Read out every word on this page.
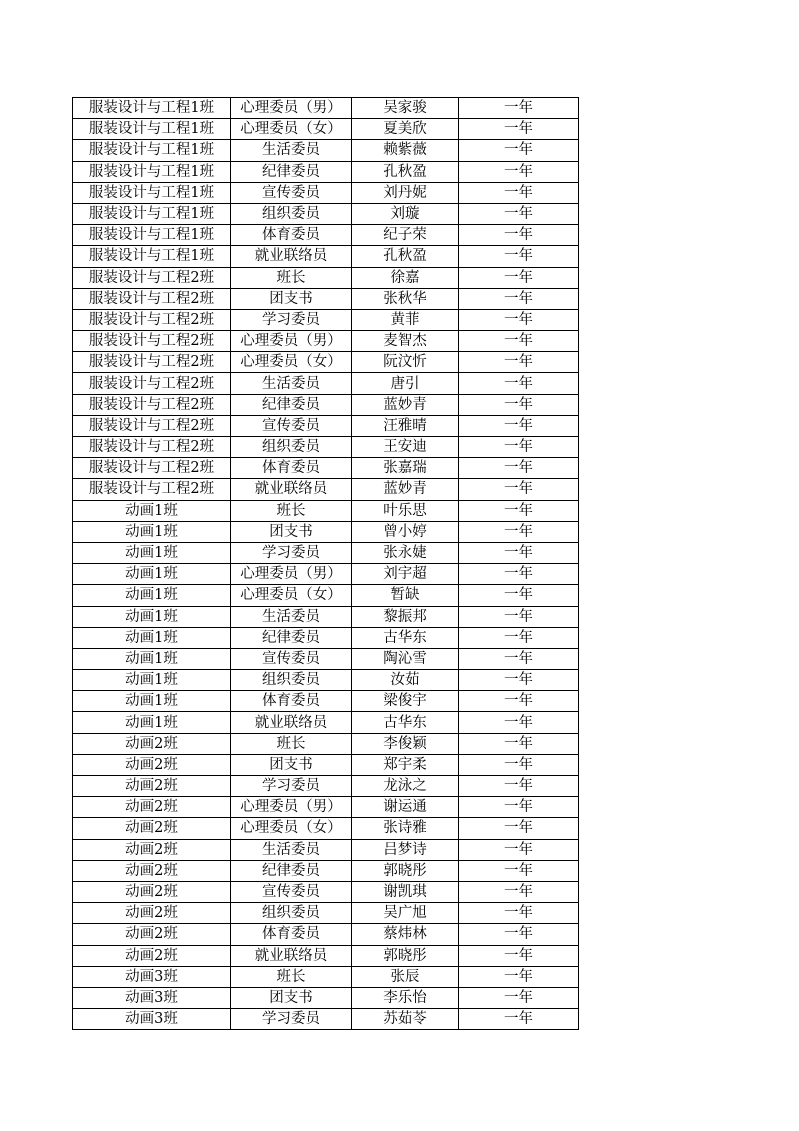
服装设计与工程1班	心理委员（男）	吴家骏	一年
服装设计与工程1班	心理委员（女）	夏美欣	一年
服装设计与工程1班	生活委员	赖紫薇	一年
服装设计与工程1班	纪律委员	孔秋盈	一年
服装设计与工程1班	宣传委员	刘丹妮	一年
服装设计与工程1班	组织委员	刘璇	一年
服装设计与工程1班	体育委员	纪子荣	一年
服装设计与工程1班	就业联络员	孔秋盈	一年
服装设计与工程2班	班长	徐嘉	一年
服装设计与工程2班	团支书	张秋华	一年
服装设计与工程2班	学习委员	黄菲	一年
服装设计与工程2班	心理委员（男）	麦智杰	一年
服装设计与工程2班	心理委员（女）	阮汶忻	一年
服装设计与工程2班	生活委员	唐引	一年
服装设计与工程2班	纪律委员	蓝妙青	一年
服装设计与工程2班	宣传委员	汪雅晴	一年
服装设计与工程2班	组织委员	王安迪	一年
服装设计与工程2班	体育委员	张嘉瑞	一年
服装设计与工程2班	就业联络员	蓝妙青	一年
动画1班	班长	叶乐思	一年
动画1班	团支书	曾小婷	一年
动画1班	学习委员	张永婕	一年
动画1班	心理委员（男）	刘宇超	一年
动画1班	心理委员（女）	暂缺	一年
动画1班	生活委员	黎振邦	一年
动画1班	纪律委员	古华东	一年
动画1班	宣传委员	陶沁雪	一年
动画1班	组织委员	汝茹	一年
动画1班	体育委员	梁俊宇	一年
动画1班	就业联络员	古华东	一年
动画2班	班长	李俊颖	一年
动画2班	团支书	郑宇柔	一年
动画2班	学习委员	龙泳之	一年
动画2班	心理委员（男）	谢运通	一年
动画2班	心理委员（女）	张诗雅	一年
动画2班	生活委员	吕梦诗	一年
动画2班	纪律委员	郭晓彤	一年
动画2班	宣传委员	谢凯琪	一年
动画2班	组织委员	吴广旭	一年
动画2班	体育委员	蔡炜林	一年
动画2班	就业联络员	郭晓彤	一年
动画3班	班长	张辰	一年
动画3班	团支书	李乐怡	一年
动画3班	学习委员	苏茹苓	一年
